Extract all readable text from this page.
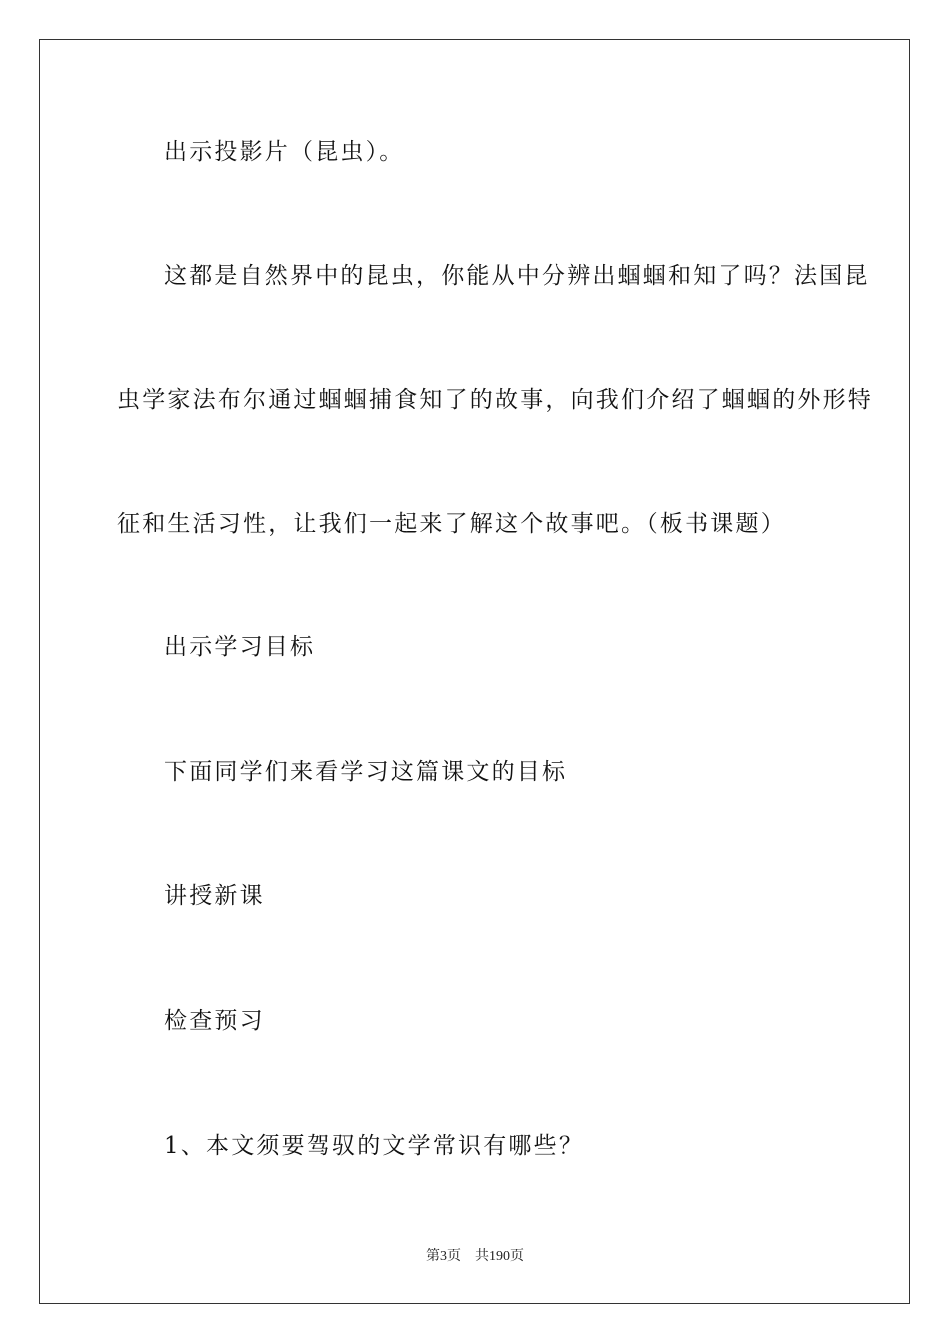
出示投影片（昆虫）。
这都是自然界中的昆虫，你能从中分辨出蝈蝈和知了吗？法国昆
虫学家法布尔通过蝈蝈捕食知了的故事，向我们介绍了蝈蝈的外形特
征和生活习性，让我们一起来了解这个故事吧。（板书课题）
出示学习目标
下面同学们来看学习这篇课文的目标
讲授新课
检查预习
1、本文须要驾驭的文学常识有哪些？
第3页 共190页
